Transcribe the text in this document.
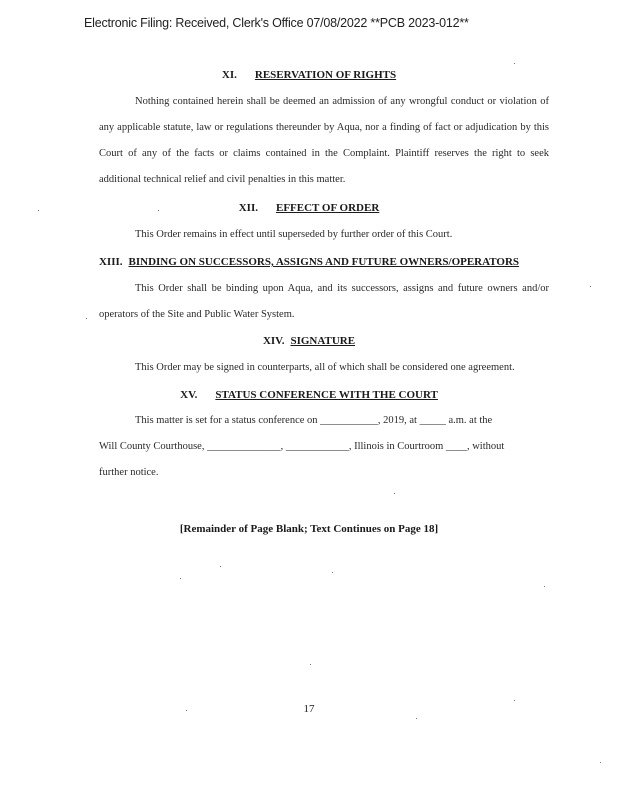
Electronic Filing: Received, Clerk's Office 07/08/2022 **PCB 2023-012**
XI. RESERVATION OF RIGHTS
Nothing contained herein shall be deemed an admission of any wrongful conduct or violation of any applicable statute, law or regulations thereunder by Aqua, nor a finding of fact or adjudication by this Court of any of the facts or claims contained in the Complaint. Plaintiff reserves the right to seek additional technical relief and civil penalties in this matter.
XII. EFFECT OF ORDER
This Order remains in effect until superseded by further order of this Court.
XIII. BINDING ON SUCCESSORS, ASSIGNS AND FUTURE OWNERS/OPERATORS
This Order shall be binding upon Aqua, and its successors, assigns and future owners and/or operators of the Site and Public Water System.
XIV. SIGNATURE
This Order may be signed in counterparts, all of which shall be considered one agreement.
XV. STATUS CONFERENCE WITH THE COURT
This matter is set for a status conference on ___________, 2019, at _____ a.m. at the
Will County Courthouse, ______________, ____________, Illinois in Courtroom ____, without
further notice.
[Remainder of Page Blank; Text Continues on Page 18]
17
